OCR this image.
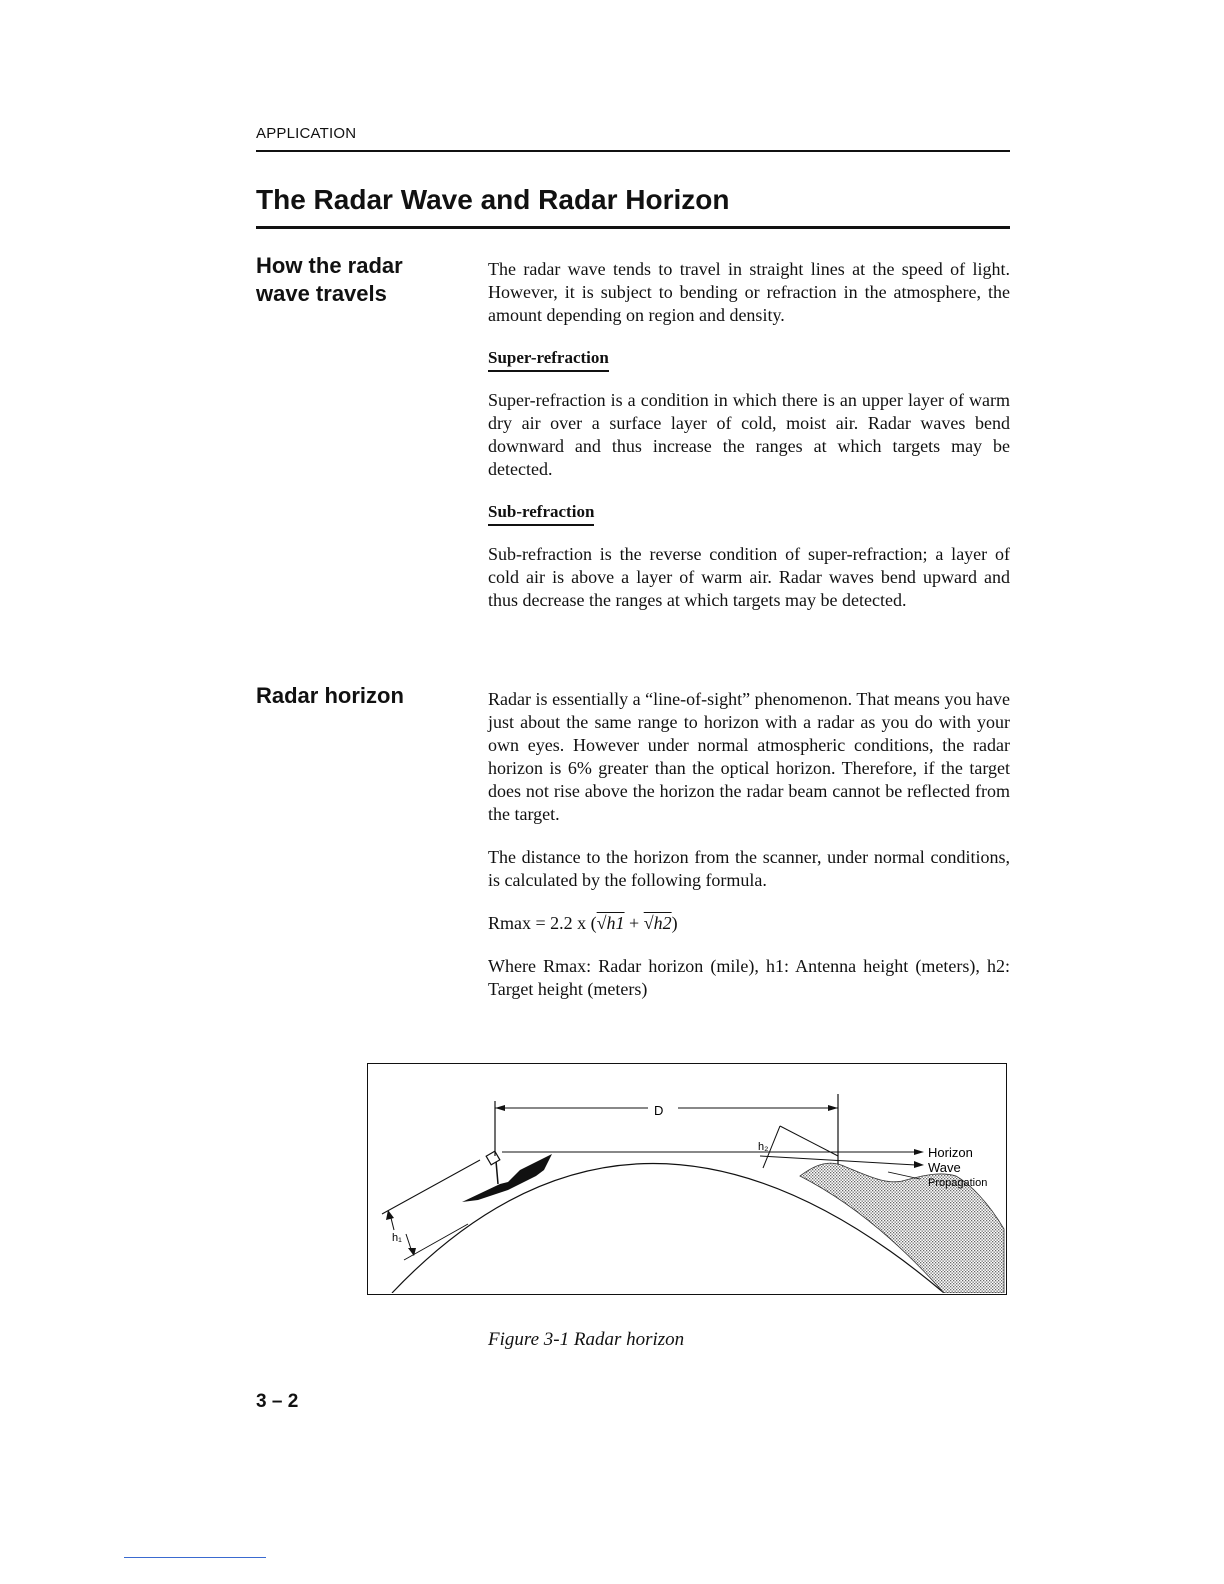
APPLICATION
The Radar Wave and Radar Horizon
How the radar
wave travels

The radar wave tends to travel in straight lines at the speed of light. However, it is subject to bending or refraction in the atmosphere, the amount depending on region and density.

Super-refraction

Super-refraction is a condition in which there is an upper layer of warm dry air over a surface layer of cold, moist air. Radar waves bend downward and thus increase the ranges at which targets may be detected.

Sub-refraction

Sub-refraction is the reverse condition of super-refraction; a layer of cold air is above a layer of warm air. Radar waves bend upward and thus decrease the ranges at which targets may be detected.

Radar horizon	Radar is essentially a “line-of-sight” phenomenon. That means you have just about the same range to horizon with a radar as you do with your own eyes. However under normal atmospheric conditions, the radar horizon is 6% greater than the optical horizon. Therefore, if the target does not rise above the horizon the radar beam cannot be reflected from the target.

The distance to the horizon from the scanner, under normal conditions, is calculated by the following formula.

Rmax = 2.2 x (√h1 + √h2)

Where Rmax: Radar horizon (mile), h1: Antenna height (meters), h2: Target height (meters)

D
h₂
h₁
Horizon
Wave
Propagation

Figure 3-1 Radar horizon

3 – 2
